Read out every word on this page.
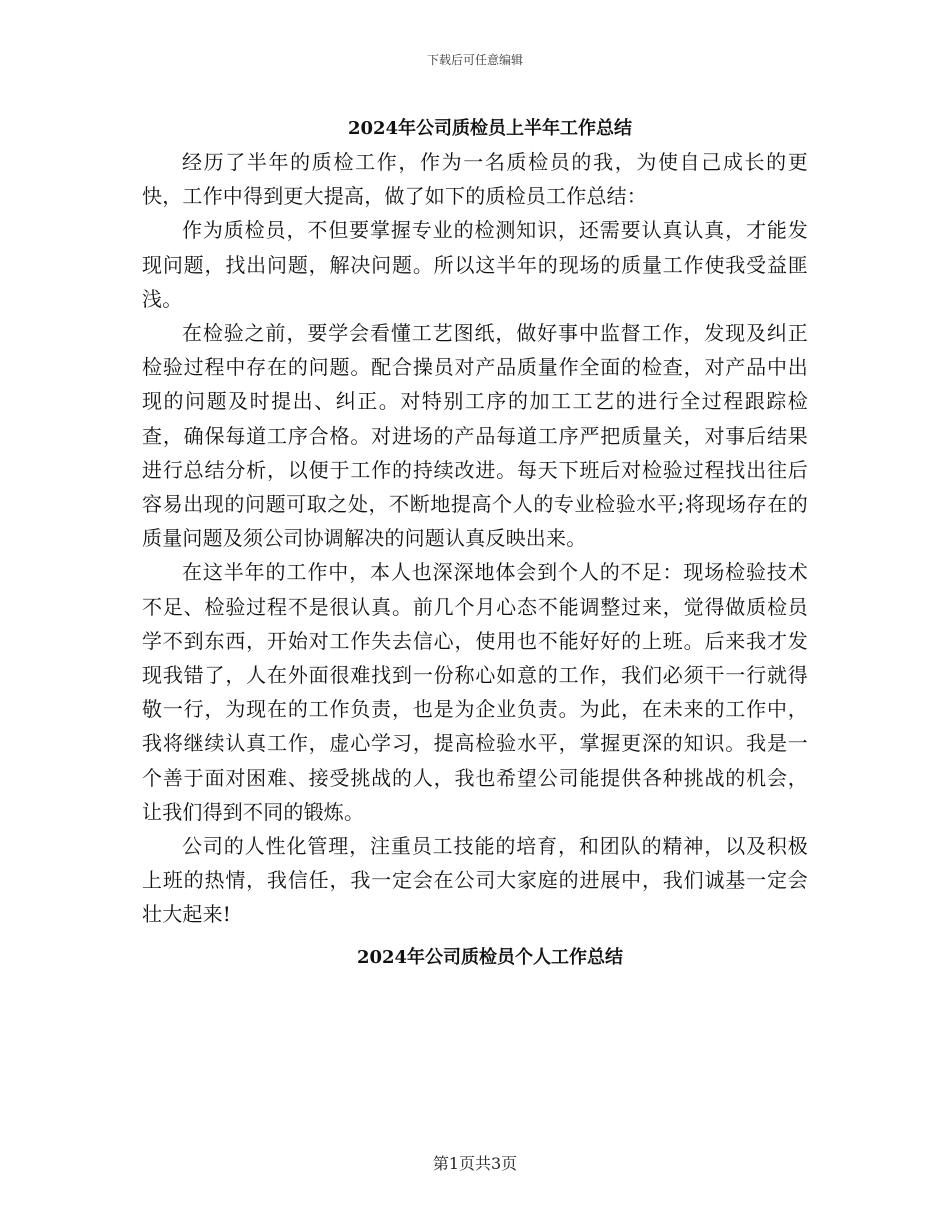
下载后可任意编辑
2024年公司质检员上半年工作总结

经历了半年的质检工作，作为一名质检员的我，为使自己成长的更快，工作中得到更大提高，做了如下的质检员工作总结：

作为质检员，不但要掌握专业的检测知识，还需要认真认真，才能发现问题，找出问题，解决问题。所以这半年的现场的质量工作使我受益匪浅。

在检验之前，要学会看懂工艺图纸，做好事中监督工作，发现及纠正检验过程中存在的问题。配合操员对产品质量作全面的检查，对产品中出现的问题及时提出、纠正。对特别工序的加工工艺的进行全过程跟踪检查，确保每道工序合格。对进场的产品每道工序严把质量关，对事后结果进行总结分析，以便于工作的持续改进。每天下班后对检验过程找出往后容易出现的问题可取之处，不断地提高个人的专业检验水平;将现场存在的质量问题及须公司协调解决的问题认真反映出来。

在这半年的工作中，本人也深深地体会到个人的不足：现场检验技术不足、检验过程不是很认真。前几个月心态不能调整过来，觉得做质检员学不到东西，开始对工作失去信心，使用也不能好好的上班。后来我才发现我错了，人在外面很难找到一份称心如意的工作，我们必须干一行就得敬一行，为现在的工作负责，也是为企业负责。为此，在未来的工作中，我将继续认真工作，虚心学习，提高检验水平，掌握更深的知识。我是一个善于面对困难、接受挑战的人，我也希望公司能提供各种挑战的机会，让我们得到不同的锻炼。

公司的人性化管理，注重员工技能的培育，和团队的精神，以及积极上班的热情，我信任，我一定会在公司大家庭的进展中，我们诚基一定会壮大起来!

2024年公司质检员个人工作总结
第1页共3页
